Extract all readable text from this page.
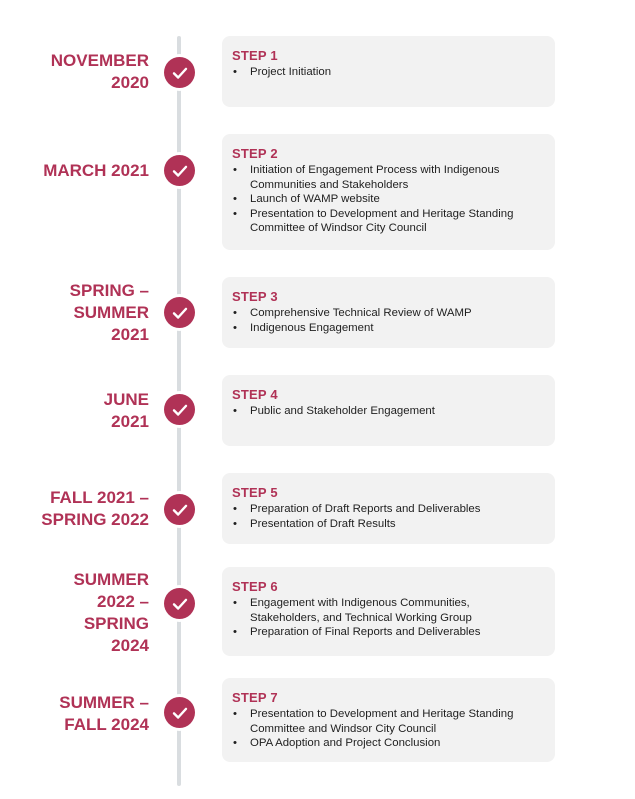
NOVEMBER
2020
STEP 1
• Project Initiation
MARCH 2021
STEP 2
• Initiation of Engagement Process with Indigenous
Communities and Stakeholders
• Launch of WAMP website
• Presentation to Development and Heritage Standing
Committee of Windsor City Council
SPRING –
SUMMER
2021
STEP 3
• Comprehensive Technical Review of WAMP
• Indigenous Engagement
JUNE
2021
STEP 4
• Public and Stakeholder Engagement
FALL 2021 –
SPRING 2022
STEP 5
• Preparation of Draft Reports and Deliverables
• Presentation of Draft Results
SUMMER
2022 –
SPRING
2024
STEP 6
• Engagement with Indigenous Communities,
Stakeholders, and Technical Working Group
• Preparation of Final Reports and Deliverables
SUMMER –
FALL 2024
STEP 7
• Presentation to Development and Heritage Standing
Committee and Windsor City Council
• OPA Adoption and Project Conclusion
